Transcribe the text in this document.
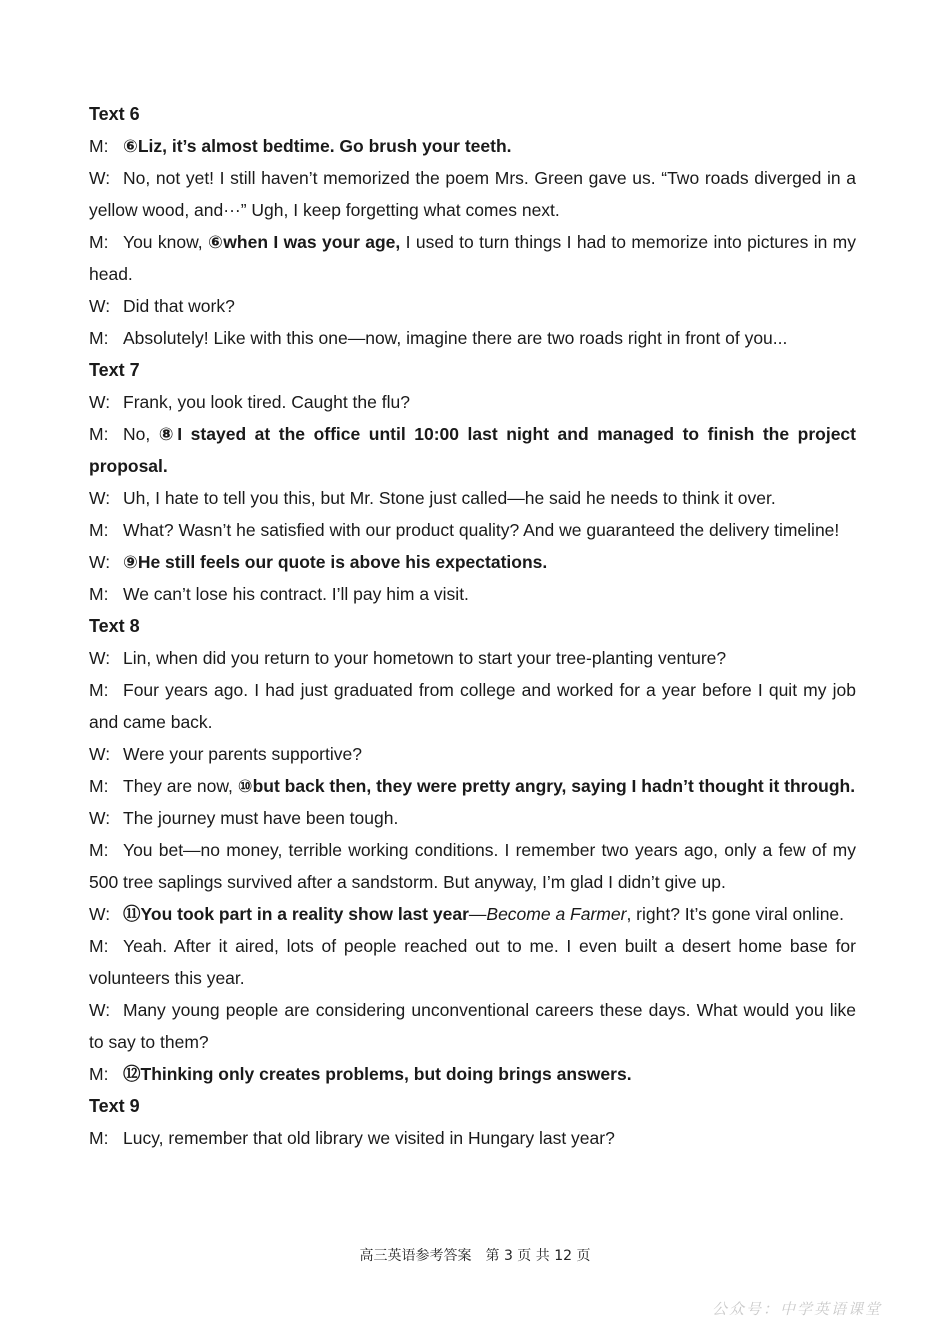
Text 6
M: ⑥Liz, it’s almost bedtime. Go brush your teeth.
W: No, not yet! I still haven’t memorized the poem Mrs. Green gave us. “Two roads diverged in a yellow wood, and···” Ugh, I keep forgetting what comes next.
M: You know, ⑥when I was your age, I used to turn things I had to memorize into pictures in my head.
W: Did that work?
M: Absolutely! Like with this one—now, imagine there are two roads right in front of you...
Text 7
W: Frank, you look tired. Caught the flu?
M: No, ⑧I stayed at the office until 10:00 last night and managed to finish the project proposal.
W: Uh, I hate to tell you this, but Mr. Stone just called—he said he needs to think it over.
M: What? Wasn’t he satisfied with our product quality? And we guaranteed the delivery timeline!
W: ⑨He still feels our quote is above his expectations.
M: We can’t lose his contract. I’ll pay him a visit.
Text 8
W: Lin, when did you return to your hometown to start your tree-planting venture?
M: Four years ago. I had just graduated from college and worked for a year before I quit my job and came back.
W: Were your parents supportive?
M: They are now, ⑩but back then, they were pretty angry, saying I hadn’t thought it through.
W: The journey must have been tough.
M: You bet—no money, terrible working conditions. I remember two years ago, only a few of my 500 tree saplings survived after a sandstorm. But anyway, I’m glad I didn’t give up.
W: ⑪You took part in a reality show last year—Become a Farmer, right? It’s gone viral online.
M: Yeah. After it aired, lots of people reached out to me. I even built a desert home base for volunteers this year.
W: Many young people are considering unconventional careers these days. What would you like to say to them?
M: ⑫Thinking only creates problems, but doing brings answers.
Text 9
M: Lucy, remember that old library we visited in Hungary last year?
高三英语参考答案　第 3 页 共 12 页
公众号：中学英语课堂
